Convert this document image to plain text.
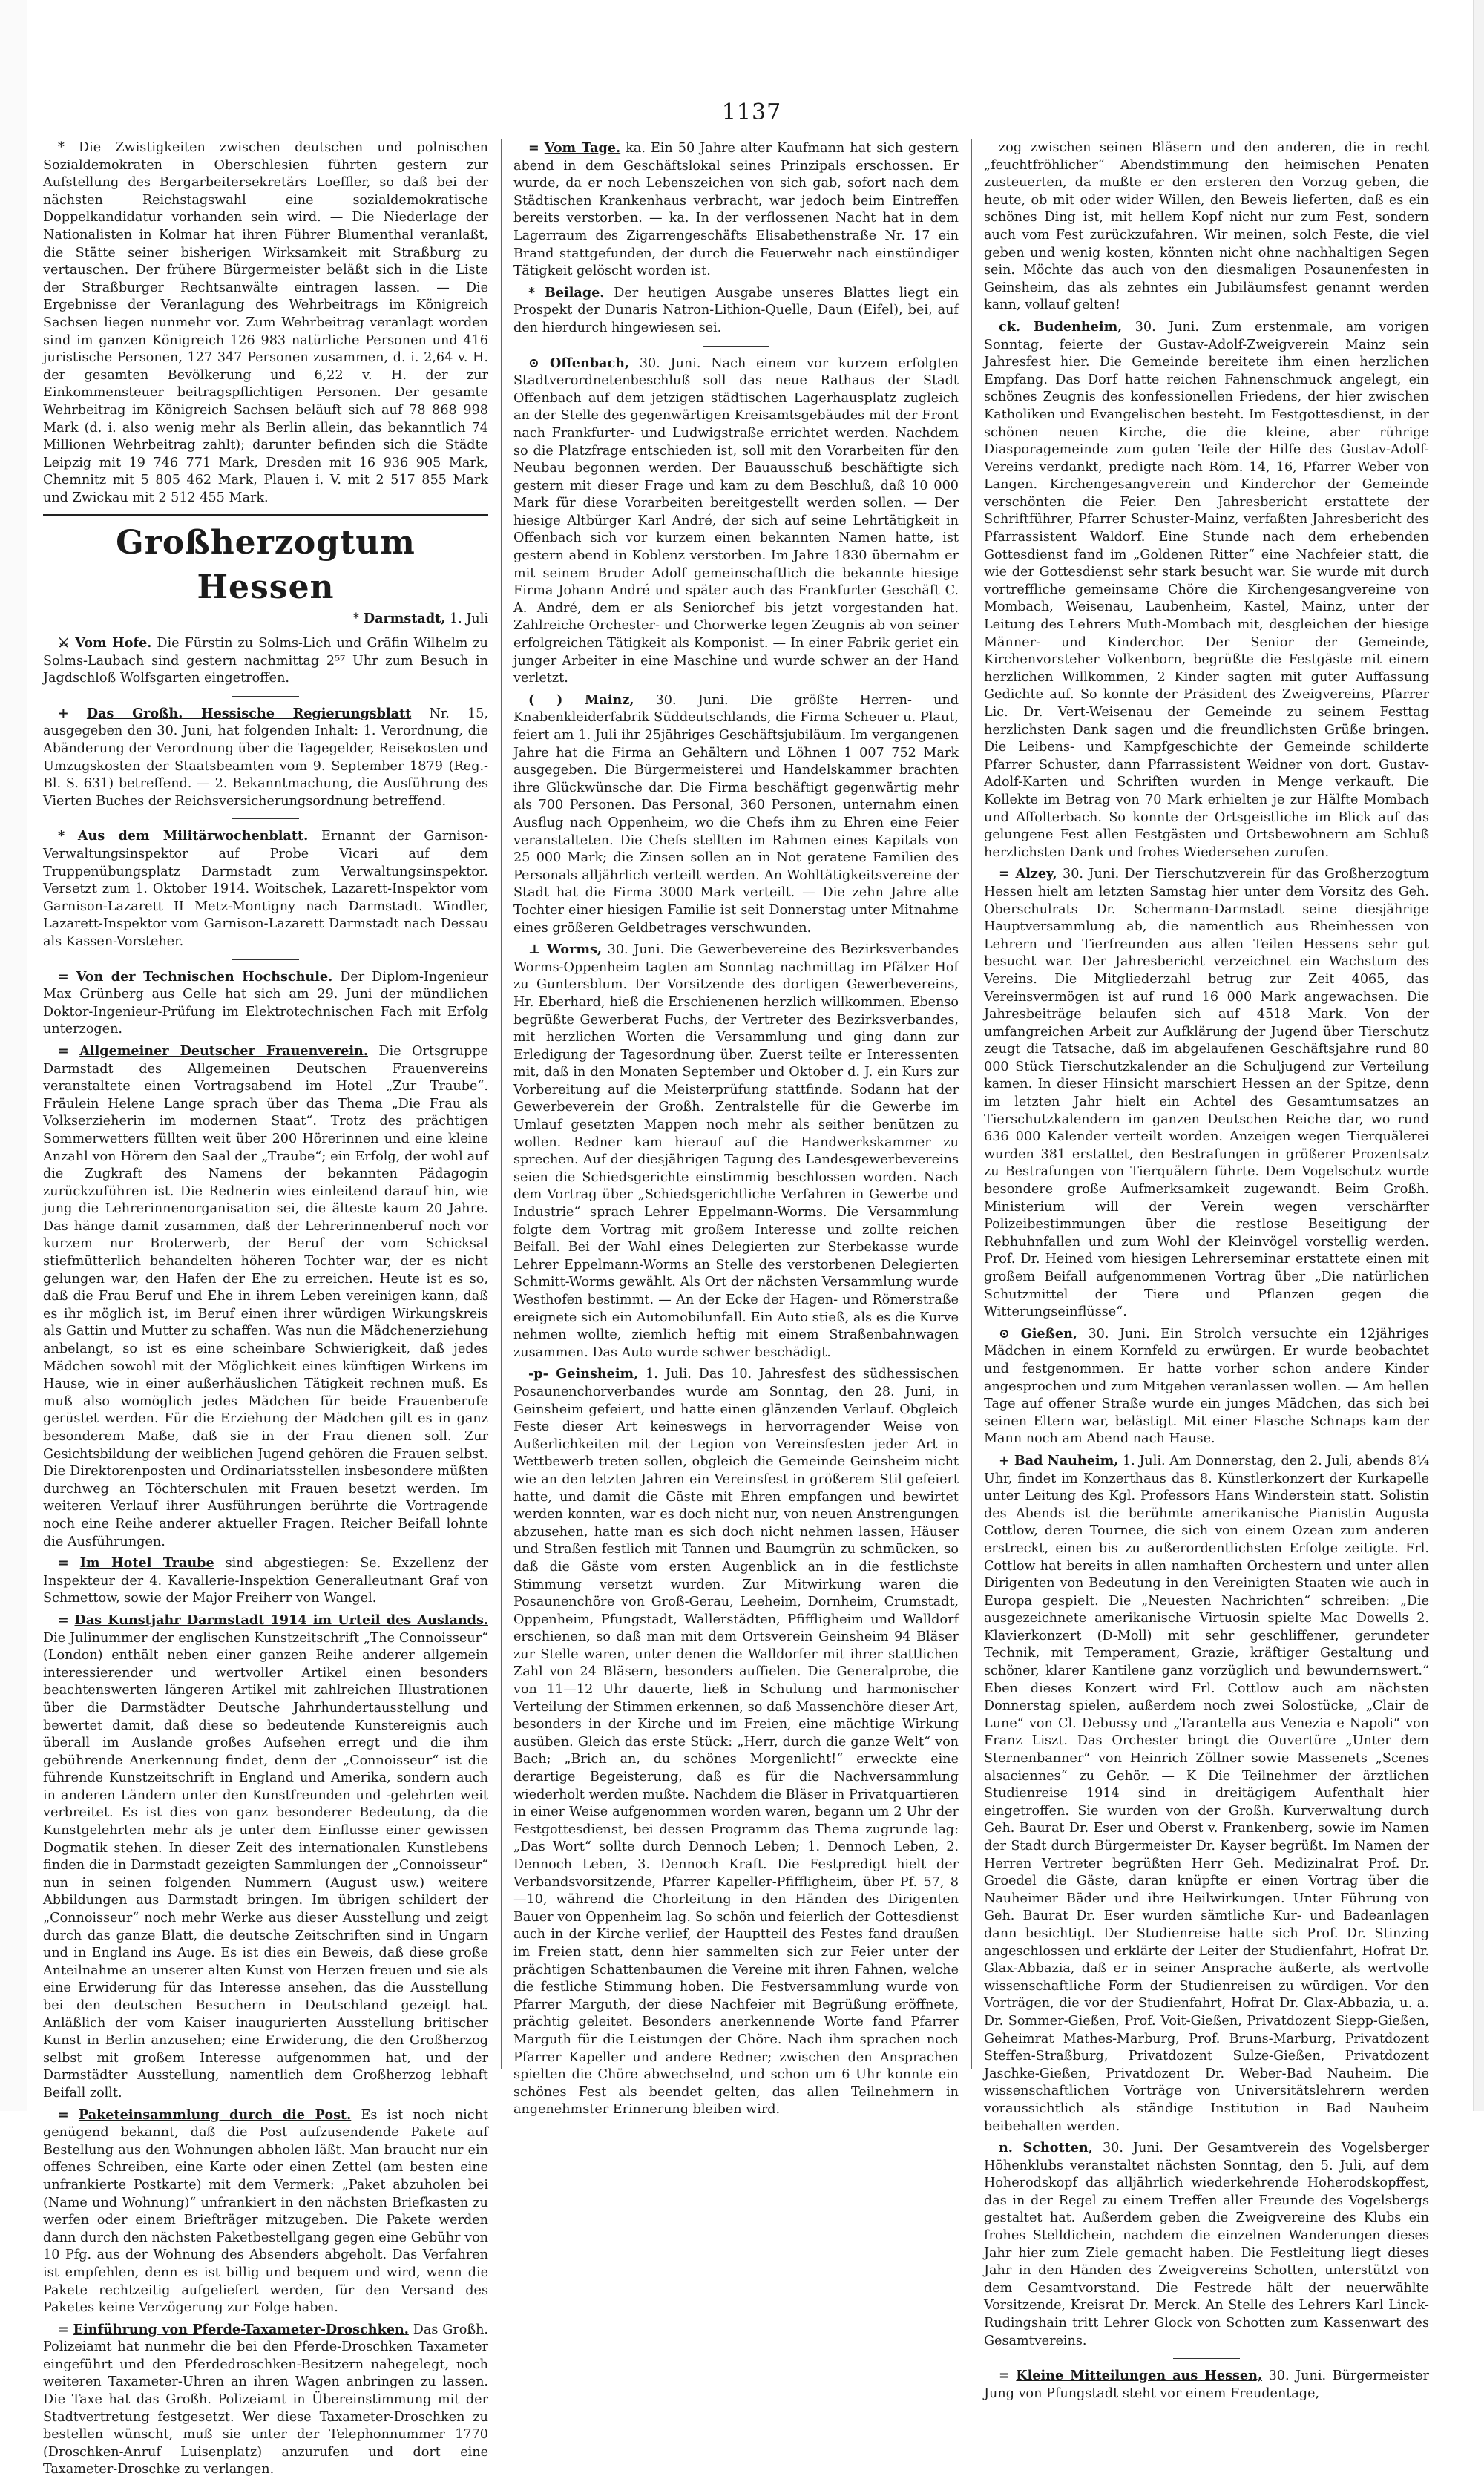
1137

* Die Zwistigkeiten zwischen deutschen und polnischen Sozialdemokraten in Oberschlesien führten gestern zur Aufstellung des Bergarbeitersekretärs Loeffler, so daß bei der nächsten Reichstagswahl eine sozialdemokratische Doppelkandidatur vorhanden sein wird. — Die Niederlage der Nationalisten in Kolmar hat ihren Führer Blumenthal veranlaßt, die Stätte seiner bisherigen Wirksamkeit mit Straßburg zu vertauschen. Der frühere Bürgermeister beläßt sich in die Liste der Straßburger Rechtsanwälte eintragen lassen. — Die Ergebnisse der Veranlagung des Wehrbeitrags im Königreich Sachsen liegen nunmehr vor. Zum Wehrbeitrag veranlagt worden sind im ganzen Königreich 126 983 natürliche Personen und 416 juristische Personen, 127 347 Personen zusammen, d. i. 2,64 v. H. der gesamten Bevölkerung und 6,22 v. H. der zur Einkommensteuer beitragspflichtigen Personen. Der gesamte Wehrbeitrag im Königreich Sachsen beläuft sich auf 78 868 998 Mark (d. i. also wenig mehr als Berlin allein, das bekanntlich 74 Millionen Wehrbeitrag zahlt); darunter befinden sich die Städte Leipzig mit 19 746 771 Mark, Dresden mit 16 936 905 Mark, Chemnitz mit 5 805 462 Mark, Plauen i. V. mit 2 517 855 Mark und Zwickau mit 2 512 455 Mark.

Großherzogtum Hessen
* Darmstadt, 1. Juli

⚔ Vom Hofe. Die Fürstin zu Solms-Lich und Gräfin Wilhelm zu Solms-Laubach sind gestern nachmittag 2⁵⁷ Uhr zum Besuch in Jagdschloß Wolfsgarten eingetroffen.

+ Das Großh. Hessische Regierungsblatt Nr. 15, ausgegeben den 30. Juni, hat folgenden Inhalt: 1. Verordnung, die Abänderung der Verordnung über die Tagegelder, Reisekosten und Umzugskosten der Staatsbeamten vom 9. September 1879 (Reg.-Bl. S. 631) betreffend. — 2. Bekanntmachung, die Ausführung des Vierten Buches der Reichsversicherungsordnung betreffend.

* Aus dem Militärwochenblatt. Ernannt der Garnison-Verwaltungsinspektor auf Probe Vicari auf dem Truppenübungsplatz Darmstadt zum Verwaltungsinspektor. Versetzt zum 1. Oktober 1914. Woitschek, Lazarett-Inspektor vom Garnison-Lazarett II Metz-Montigny nach Darmstadt. Windler, Lazarett-Inspektor vom Garnison-Lazarett Darmstadt nach Dessau als Kassen-Vorsteher.

= Von der Technischen Hochschule. Der Diplom-Ingenieur Max Grünberg aus Gelle hat sich am 29. Juni der mündlichen Doktor-Ingenieur-Prüfung im Elektrotechnischen Fach mit Erfolg unterzogen.

= Allgemeiner Deutscher Frauenverein. Die Ortsgruppe Darmstadt des Allgemeinen Deutschen Frauenvereins veranstaltete einen Vortragsabend im Hotel „Zur Traube“. Fräulein Helene Lange sprach über das Thema „Die Frau als Volkserzieherin im modernen Staat“. Trotz des prächtigen Sommerwetters füllten weit über 200 Hörerinnen und eine kleine Anzahl von Hörern den Saal der „Traube“; ein Erfolg, der wohl auf die Zugkraft des Namens der bekannten Pädagogin zurückzuführen ist. Die Rednerin wies einleitend darauf hin, wie jung die Lehrerinnenorganisation sei, die älteste kaum 20 Jahre. Das hänge damit zusammen, daß der Lehrerinnenberuf noch vor kurzem nur Broterwerb, der Beruf der vom Schicksal stiefmütterlich behandelten höheren Tochter war, der es nicht gelungen war, den Hafen der Ehe zu erreichen. Heute ist es so, daß die Frau Beruf und Ehe in ihrem Leben vereinigen kann, daß es ihr möglich ist, im Beruf einen ihrer würdigen Wirkungskreis als Gattin und Mutter zu schaffen. Was nun die Mädchenerziehung anbelangt, so ist es eine scheinbare Schwierigkeit, daß jedes Mädchen sowohl mit der Möglichkeit eines künftigen Wirkens im Hause, wie in einer außerhäuslichen Tätigkeit rechnen muß. Es muß also womöglich jedes Mädchen für beide Frauenberufe gerüstet werden. Für die Erziehung der Mädchen gilt es in ganz besonderem Maße, daß sie in der Frau dienen soll. Zur Gesichtsbildung der weiblichen Jugend gehören die Frauen selbst. Die Direktorenposten und Ordinariatsstellen insbesondere müßten durchweg an Töchterschulen mit Frauen besetzt werden. Im weiteren Verlauf ihrer Ausführungen berührte die Vortragende noch eine Reihe anderer aktueller Fragen. Reicher Beifall lohnte die Ausführungen.

= Im Hotel Traube sind abgestiegen: Se. Exzellenz der Inspekteur der 4. Kavallerie-Inspektion Generalleutnant Graf von Schmettow, sowie der Major Freiherr von Wangel.

= Das Kunstjahr Darmstadt 1914 im Urteil des Auslands. Die Julinummer der englischen Kunstzeitschrift „The Connoisseur“ (London) enthält neben einer ganzen Reihe anderer allgemein interessierender und wertvoller Artikel einen besonders beachtenswerten längeren Artikel mit zahlreichen Illustrationen über die Darmstädter Deutsche Jahrhundertausstellung und bewertet damit, daß diese so bedeutende Kunstereignis auch überall im Auslande großes Aufsehen erregt und die ihm gebührende Anerkennung findet, denn der „Connoisseur“ ist die führende Kunstzeitschrift in England und Amerika, sondern auch in anderen Ländern unter den Kunstfreunden und -gelehrten weit verbreitet. Es ist dies von ganz besonderer Bedeutung, da die Kunstgelehrten mehr als je unter dem Einflusse einer gewissen Dogmatik stehen. In dieser Zeit des internationalen Kunstlebens finden die in Darmstadt gezeigten Sammlungen der „Connoisseur“ nun in seinen folgenden Nummern (August usw.) weitere Abbildungen aus Darmstadt bringen. Im übrigen schildert der „Connoisseur“ noch mehr Werke aus dieser Ausstellung und zeigt durch das ganze Blatt, die deutsche Zeitschriften sind in Ungarn und in England ins Auge. Es ist dies ein Beweis, daß diese große Anteilnahme an unserer alten Kunst von Herzen freuen und sie als eine Erwiderung für das Interesse ansehen, das die Ausstellung bei den deutschen Besuchern in Deutschland gezeigt hat. Anläßlich der vom Kaiser inaugurierten Ausstellung britischer Kunst in Berlin anzusehen; eine Erwiderung, die den Großherzog selbst mit großem Interesse aufgenommen hat, und der Darmstädter Ausstellung, namentlich dem Großherzog lebhaft Beifall zollt.

= Paketeinsammlung durch die Post. Es ist noch nicht genügend bekannt, daß die Post aufzusendende Pakete auf Bestellung aus den Wohnungen abholen läßt. Man braucht nur ein offenes Schreiben, eine Karte oder einen Zettel (am besten eine unfrankierte Postkarte) mit dem Vermerk: „Paket abzuholen bei (Name und Wohnung)“ unfrankiert in den nächsten Briefkasten zu werfen oder einem Briefträger mitzugeben. Die Pakete werden dann durch den nächsten Paketbestellgang gegen eine Gebühr von 10 Pfg. aus der Wohnung des Absenders abgeholt. Das Verfahren ist empfehlen, denn es ist billig und bequem und wird, wenn die Pakete rechtzeitig aufgeliefert werden, für den Versand des Paketes keine Verzögerung zur Folge haben.

= Einführung von Pferde-Taxameter-Droschken. Das Großh. Polizeiamt hat nunmehr die bei den Pferde-Droschken Taxameter eingeführt und den Pferdedroschken-Besitzern nahegelegt, noch weiteren Taxameter-Uhren an ihren Wagen anbringen zu lassen. Die Taxe hat das Großh. Polizeiamt in Übereinstimmung mit der Stadtvertretung festgesetzt. Wer diese Taxameter-Droschken zu bestellen wünscht, muß sie unter der Telephonnummer 1770 (Droschken-Anruf Luisenplatz) anzurufen und dort eine Taxameter-Droschke zu verlangen.

= Vom Tage. ka. Ein 50 Jahre alter Kaufmann hat sich gestern abend in dem Geschäftslokal seines Prinzipals erschossen. Er wurde, da er noch Lebenszeichen von sich gab, sofort nach dem Städtischen Krankenhaus verbracht, war jedoch beim Eintreffen bereits verstorben. — ka. In der verflossenen Nacht hat in dem Lagerraum des Zigarrengeschäfts Elisabethenstraße Nr. 17 ein Brand stattgefunden, der durch die Feuerwehr nach einstündiger Tätigkeit gelöscht worden ist.

* Beilage. Der heutigen Ausgabe unseres Blattes liegt ein Prospekt der Dunaris Natron-Lithion-Quelle, Daun (Eifel), bei, auf den hierdurch hingewiesen sei.

⊙ Offenbach, 30. Juni. Nach einem vor kurzem erfolgten Stadtverordnetenbeschluß soll das neue Rathaus der Stadt Offenbach auf dem jetzigen städtischen Lagerhausplatz zugleich an der Stelle des gegenwärtigen Kreisamtsgebäudes mit der Front nach Frankfurter- und Ludwigstraße errichtet werden. Nachdem so die Platzfrage entschieden ist, soll mit den Vorarbeiten für den Neubau begonnen werden. Der Bauausschuß beschäftigte sich gestern mit dieser Frage und kam zu dem Beschluß, daß 10 000 Mark für diese Vorarbeiten bereitgestellt werden sollen. — Der hiesige Altbürger Karl André, der sich auf seine Lehrtätigkeit in Offenbach sich vor kurzem einen bekannten Namen hatte, ist gestern abend in Koblenz verstorben. Im Jahre 1830 übernahm er mit seinem Bruder Adolf gemeinschaftlich die bekannte hiesige Firma Johann André und später auch das Frankfurter Geschäft C. A. André, dem er als Seniorchef bis jetzt vorgestanden hat. Zahlreiche Orchester- und Chorwerke legen Zeugnis ab von seiner erfolgreichen Tätigkeit als Komponist. — In einer Fabrik geriet ein junger Arbeiter in eine Maschine und wurde schwer an der Hand verletzt.

( ) Mainz, 30. Juni. Die größte Herren- und Knabenkleiderfabrik Süddeutschlands, die Firma Scheuer u. Plaut, feiert am 1. Juli ihr 25jähriges Geschäftsjubiläum. Im vergangenen Jahre hat die Firma an Gehältern und Löhnen 1 007 752 Mark ausgegeben. Die Bürgermeisterei und Handelskammer brachten ihre Glückwünsche dar. Die Firma beschäftigt gegenwärtig mehr als 700 Personen. Das Personal, 360 Personen, unternahm einen Ausflug nach Oppenheim, wo die Chefs ihm zu Ehren eine Feier veranstalteten. Die Chefs stellten im Rahmen eines Kapitals von 25 000 Mark; die Zinsen sollen an in Not geratene Familien des Personals alljährlich verteilt werden. An Wohltätigkeitsvereine der Stadt hat die Firma 3000 Mark verteilt. — Die zehn Jahre alte Tochter einer hiesigen Familie ist seit Donnerstag unter Mitnahme eines größeren Geldbetrages verschwunden.

⊥ Worms, 30. Juni. Die Gewerbevereine des Bezirksverbandes Worms-Oppenheim tagten am Sonntag nachmittag im Pfälzer Hof zu Guntersblum. Der Vorsitzende des dortigen Gewerbevereins, Hr. Eberhard, hieß die Erschienenen herzlich willkommen. Ebenso begrüßte Gewerberat Fuchs, der Vertreter des Bezirksverbandes, mit herzlichen Worten die Versammlung und ging dann zur Erledigung der Tagesordnung über. Zuerst teilte er Interessenten mit, daß in den Monaten September und Oktober d. J. ein Kurs zur Vorbereitung auf die Meisterprüfung stattfinde. Sodann hat der Gewerbeverein der Großh. Zentralstelle für die Gewerbe im Umlauf gesetzten Mappen noch mehr als seither benützen zu wollen. Redner kam hierauf auf die Handwerkskammer zu sprechen. Auf der diesjährigen Tagung des Landesgewerbevereins seien die Schiedsgerichte einstimmig beschlossen worden. Nach dem Vortrag über „Schiedsgerichtliche Verfahren in Gewerbe und Industrie“ sprach Lehrer Eppelmann-Worms. Die Versammlung folgte dem Vortrag mit großem Interesse und zollte reichen Beifall. Bei der Wahl eines Delegierten zur Sterbekasse wurde Lehrer Eppelmann-Worms an Stelle des verstorbenen Delegierten Schmitt-Worms gewählt. Als Ort der nächsten Versammlung wurde Westhofen bestimmt. — An der Ecke der Hagen- und Römerstraße ereignete sich ein Automobilunfall. Ein Auto stieß, als es die Kurve nehmen wollte, ziemlich heftig mit einem Straßenbahnwagen zusammen. Das Auto wurde schwer beschädigt.

-p- Geinsheim, 1. Juli. Das 10. Jahresfest des südhessischen Posaunenchorverbandes wurde am Sonntag, den 28. Juni, in Geinsheim gefeiert, und hatte einen glänzenden Verlauf. Obgleich Feste dieser Art keineswegs in hervorragender Weise von Außerlichkeiten mit der Legion von Vereinsfesten jeder Art in Wettbewerb treten sollen, obgleich die Gemeinde Geinsheim nicht wie an den letzten Jahren ein Vereinsfest in größerem Stil gefeiert hatte, und damit die Gäste mit Ehren empfangen und bewirtet werden konnten, war es doch nicht nur, von neuen Anstrengungen abzusehen, hatte man es sich doch nicht nehmen lassen, Häuser und Straßen festlich mit Tannen und Baumgrün zu schmücken, so daß die Gäste vom ersten Augenblick an in die festlichste Stimmung versetzt wurden. Zur Mitwirkung waren die Posaunenchöre von Groß-Gerau, Leeheim, Dornheim, Crumstadt, Oppenheim, Pfungstadt, Wallerstädten, Pfiffligheim und Walldorf erschienen, so daß man mit dem Ortsverein Geinsheim 94 Bläser zur Stelle waren, unter denen die Walldorfer mit ihrer stattlichen Zahl von 24 Bläsern, besonders auffielen. Die Generalprobe, die von 11—12 Uhr dauerte, ließ in Schulung und harmonischer Verteilung der Stimmen erkennen, so daß Massenchöre dieser Art, besonders in der Kirche und im Freien, eine mächtige Wirkung ausüben. Gleich das erste Stück: „Herr, durch die ganze Welt“ von Bach; „Brich an, du schönes Morgenlicht!“ erweckte eine derartige Begeisterung, daß es für die Nachversammlung wiederholt werden mußte. Nachdem die Bläser in Privatquartieren in einer Weise aufgenommen worden waren, begann um 2 Uhr der Festgottesdienst, bei dessen Programm das Thema zugrunde lag: „Das Wort“ sollte durch Dennoch Leben; 1. Dennoch Leben, 2. Dennoch Leben, 3. Dennoch Kraft. Die Festpredigt hielt der Verbandsvorsitzende, Pfarrer Kapeller-Pfiffligheim, über Pf. 57, 8—10, während die Chorleitung in den Händen des Dirigenten Bauer von Oppenheim lag. So schön und feierlich der Gottesdienst auch in der Kirche verlief, der Hauptteil des Festes fand draußen im Freien statt, denn hier sammelten sich zur Feier unter der prächtigen Schattenbaumen die Vereine mit ihren Fahnen, welche die festliche Stimmung hoben. Die Festversammlung wurde von Pfarrer Marguth, der diese Nachfeier mit Begrüßung eröffnete, prächtig geleitet. Besonders anerkennende Worte fand Pfarrer Marguth für die Leistungen der Chöre. Nach ihm sprachen noch Pfarrer Kapeller und andere Redner; zwischen den Ansprachen spielten die Chöre abwechselnd, und schon um 6 Uhr konnte ein schönes Fest als beendet gelten, das allen Teilnehmern in angenehmster Erinnerung bleiben wird.

zog zwischen seinen Bläsern und den anderen, die in recht „feuchtfröhlicher“ Abendstimmung den heimischen Penaten zusteuerten, da mußte er den ersteren den Vorzug geben, die heute, ob mit oder wider Willen, den Beweis lieferten, daß es ein schönes Ding ist, mit hellem Kopf nicht nur zum Fest, sondern auch vom Fest zurückzufahren. Wir meinen, solch Feste, die viel geben und wenig kosten, könnten nicht ohne nachhaltigen Segen sein. Möchte das auch von den diesmaligen Posaunenfesten in Geinsheim, das als zehntes ein Jubiläumsfest genannt werden kann, vollauf gelten!

ck. Budenheim, 30. Juni. Zum erstenmale, am vorigen Sonntag, feierte der Gustav-Adolf-Zweigverein Mainz sein Jahresfest hier. Die Gemeinde bereitete ihm einen herzlichen Empfang. Das Dorf hatte reichen Fahnenschmuck angelegt, ein schönes Zeugnis des konfessionellen Friedens, der hier zwischen Katholiken und Evangelischen besteht. Im Festgottesdienst, in der schönen neuen Kirche, die die kleine, aber rührige Diasporagemeinde zum guten Teile der Hilfe des Gustav-Adolf-Vereins verdankt, predigte nach Röm. 14, 16, Pfarrer Weber von Langen. Kirchengesangverein und Kinderchor der Gemeinde verschönten die Feier. Den Jahresbericht erstattete der Schriftführer, Pfarrer Schuster-Mainz, verfaßten Jahresbericht des Pfarrassistent Waldorf. Eine Stunde nach dem erhebenden Gottesdienst fand im „Goldenen Ritter“ eine Nachfeier statt, die wie der Gottesdienst sehr stark besucht war. Sie wurde mit durch vortreffliche gemeinsame Chöre die Kirchengesangvereine von Mombach, Weisenau, Laubenheim, Kastel, Mainz, unter der Leitung des Lehrers Muth-Mombach mit, desgleichen der hiesige Männer- und Kinderchor. Der Senior der Gemeinde, Kirchenvorsteher Volkenborn, begrüßte die Festgäste mit einem herzlichen Willkommen, 2 Kinder sagten mit guter Auffassung Gedichte auf. So konnte der Präsident des Zweigvereins, Pfarrer Lic. Dr. Vert-Weisenau der Gemeinde zu seinem Festtag herzlichsten Dank sagen und die freundlichsten Grüße bringen. Die Leibens- und Kampfgeschichte der Gemeinde schilderte Pfarrer Schuster, dann Pfarrassistent Weidner von dort. Gustav-Adolf-Karten und Schriften wurden in Menge verkauft. Die Kollekte im Betrag von 70 Mark erhielten je zur Hälfte Mombach und Affolterbach. So konnte der Ortsgeistliche im Blick auf das gelungene Fest allen Festgästen und Ortsbewohnern am Schluß herzlichsten Dank und frohes Wiedersehen zurufen.

= Alzey, 30. Juni. Der Tierschutzverein für das Großherzogtum Hessen hielt am letzten Samstag hier unter dem Vorsitz des Geh. Oberschulrats Dr. Schermann-Darmstadt seine diesjährige Hauptversammlung ab, die namentlich aus Rheinhessen von Lehrern und Tierfreunden aus allen Teilen Hessens sehr gut besucht war. Der Jahresbericht verzeichnet ein Wachstum des Vereins. Die Mitgliederzahl betrug zur Zeit 4065, das Vereinsvermögen ist auf rund 16 000 Mark angewachsen. Die Jahresbeiträge belaufen sich auf 4518 Mark. Von der umfangreichen Arbeit zur Aufklärung der Jugend über Tierschutz zeugt die Tatsache, daß im abgelaufenen Geschäftsjahre rund 80 000 Stück Tierschutzkalender an die Schuljugend zur Verteilung kamen. In dieser Hinsicht marschiert Hessen an der Spitze, denn im letzten Jahr hielt ein Achtel des Gesamtumsatzes an Tierschutzkalendern im ganzen Deutschen Reiche dar, wo rund 636 000 Kalender verteilt worden. Anzeigen wegen Tierquälerei wurden 381 erstattet, den Bestrafungen in größerer Prozentsatz zu Bestrafungen von Tierquälern führte. Dem Vogelschutz wurde besondere große Aufmerksamkeit zugewandt. Beim Großh. Ministerium will der Verein wegen verschärfter Polizeibestimmungen über die restlose Beseitigung der Rebhuhnfallen und zum Wohl der Kleinvögel vorstellig werden. Prof. Dr. Heined vom hiesigen Lehrerseminar erstattete einen mit großem Beifall aufgenommenen Vortrag über „Die natürlichen Schutzmittel der Tiere und Pflanzen gegen die Witterungseinflüsse“.

⊙ Gießen, 30. Juni. Ein Strolch versuchte ein 12jähriges Mädchen in einem Kornfeld zu erwürgen. Er wurde beobachtet und festgenommen. Er hatte vorher schon andere Kinder angesprochen und zum Mitgehen veranlassen wollen. — Am hellen Tage auf offener Straße wurde ein junges Mädchen, das sich bei seinen Eltern war, belästigt. Mit einer Flasche Schnaps kam der Mann noch am Abend nach Hause.

+ Bad Nauheim, 1. Juli. Am Donnerstag, den 2. Juli, abends 8¼ Uhr, findet im Konzerthaus das 8. Künstlerkonzert der Kurkapelle unter Leitung des Kgl. Professors Hans Winderstein statt. Solistin des Abends ist die berühmte amerikanische Pianistin Augusta Cottlow, deren Tournee, die sich von einem Ozean zum anderen erstreckt, einen bis zu außerordentlichsten Erfolge zeitigte. Frl. Cottlow hat bereits in allen namhaften Orchestern und unter allen Dirigenten von Bedeutung in den Vereinigten Staaten wie auch in Europa gespielt. Die „Neuesten Nachrichten“ schreiben: „Die ausgezeichnete amerikanische Virtuosin spielte Mac Dowells 2. Klavierkonzert (D-Moll) mit sehr geschliffener, gerundeter Technik, mit Temperament, Grazie, kräftiger Gestaltung und schöner, klarer Kantilene ganz vorzüglich und bewundernswert.“ Eben dieses Konzert wird Frl. Cottlow auch am nächsten Donnerstag spielen, außerdem noch zwei Solostücke, „Clair de Lune“ von Cl. Debussy und „Tarantella aus Venezia e Napoli“ von Franz Liszt. Das Orchester bringt die Ouvertüre „Unter dem Sternenbanner“ von Heinrich Zöllner sowie Massenets „Scenes alsaciennes“ zu Gehör. — K Die Teilnehmer der ärztlichen Studienreise 1914 sind in dreitägigem Aufenthalt hier eingetroffen. Sie wurden von der Großh. Kurverwaltung durch Geh. Baurat Dr. Eser und Oberst v. Frankenberg, sowie im Namen der Stadt durch Bürgermeister Dr. Kayser begrüßt. Im Namen der Herren Vertreter begrüßten Herr Geh. Medizinalrat Prof. Dr. Groedel die Gäste, daran knüpfte er einen Vortrag über die Nauheimer Bäder und ihre Heilwirkungen. Unter Führung von Geh. Baurat Dr. Eser wurden sämtliche Kur- und Badeanlagen dann besichtigt. Der Studienreise hatte sich Prof. Dr. Stinzing angeschlossen und erklärte der Leiter der Studienfahrt, Hofrat Dr. Glax-Abbazia, daß er in seiner Ansprache äußerte, als wertvolle wissenschaftliche Form der Studienreisen zu würdigen. Vor den Vorträgen, die vor der Studienfahrt, Hofrat Dr. Glax-Abbazia, u. a. Dr. Sommer-Gießen, Prof. Voit-Gießen, Privatdozent Siepp-Gießen, Geheimrat Mathes-Marburg, Prof. Bruns-Marburg, Privatdozent Steffen-Straßburg, Privatdozent Sulze-Gießen, Privatdozent Jaschke-Gießen, Privatdozent Dr. Weber-Bad Nauheim. Die wissenschaftlichen Vorträge von Universitätslehrern werden voraussichtlich als ständige Institution in Bad Nauheim beibehalten werden.

n. Schotten, 30. Juni. Der Gesamtverein des Vogelsberger Höhenklubs veranstaltet nächsten Sonntag, den 5. Juli, auf dem Hoherodskopf das alljährlich wiederkehrende Hoherodskopffest, das in der Regel zu einem Treffen aller Freunde des Vogelsbergs gestaltet hat. Außerdem geben die Zweigvereine des Klubs ein frohes Stelldichein, nachdem die einzelnen Wanderungen dieses Jahr hier zum Ziele gemacht haben. Die Festleitung liegt dieses Jahr in den Händen des Zweigvereins Schotten, unterstützt von dem Gesamtvorstand. Die Festrede hält der neuerwählte Vorsitzende, Kreisrat Dr. Merck. An Stelle des Lehrers Karl Linck-Rudingshain tritt Lehrer Glock von Schotten zum Kassenwart des Gesamtvereins.

= Kleine Mitteilungen aus Hessen, 30. Juni. Bürgermeister Jung von Pfungstadt steht vor einem Freudentage,
